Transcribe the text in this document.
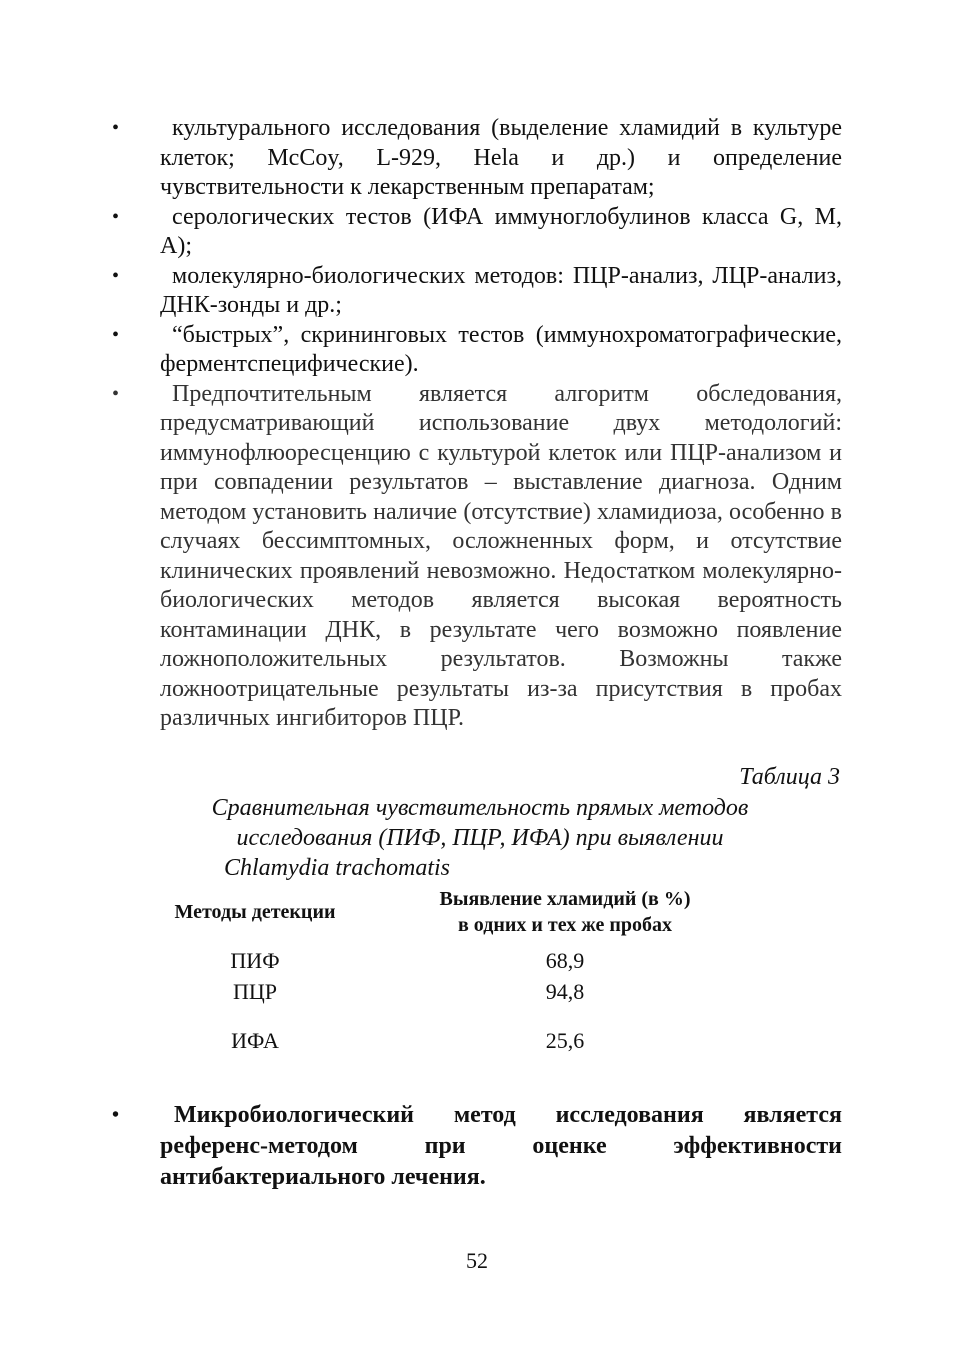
• культурального исследования (выделение хламидий в культуре клеток; McCoy, L-929, Hela и др.) и определение чувствительности к лекарственным препаратам;
• серологических тестов (ИФА иммуноглобулинов класса G, M, A);
• молекулярно-биологических методов: ПЦР-анализ, ЛЦР-анализ, ДНК-зонды и др.;
• “быстрых”, скрининговых тестов (иммунохроматографические, ферментспецифические).
• Предпочтительным является алгоритм обследования, предусматривающий использование двух методологий: иммунофлюоресценцию с культурой клеток или ПЦР-анализом и при совпадении результатов – выставление диагноза. Одним методом установить наличие (отсутствие) хламидиоза, особенно в случаях бессимптомных, осложненных форм, и отсутствие клинических проявлений невозможно. Недостатком молекулярно-биологических методов является высокая вероятность контаминации ДНК, в результате чего возможно появление ложноположительных результатов. Возможны также ложноотрицательные результаты из-за присутствия в пробах различных ингибиторов ПЦР.
Таблица 3
Сравнительная чувствительность прямых методов
исследования (ПИФ, ПЦР, ИФА) при выявлении
Chlamydia trachomatis
Методы детекции	Выявление хламидий (в %)
в одних и тех же пробах
ПИФ	68,9
ПЦР	94,8
ИФА	25,6
• Микробиологический метод исследования является референс-методом при оценке эффективности антибактериального лечения.
52
